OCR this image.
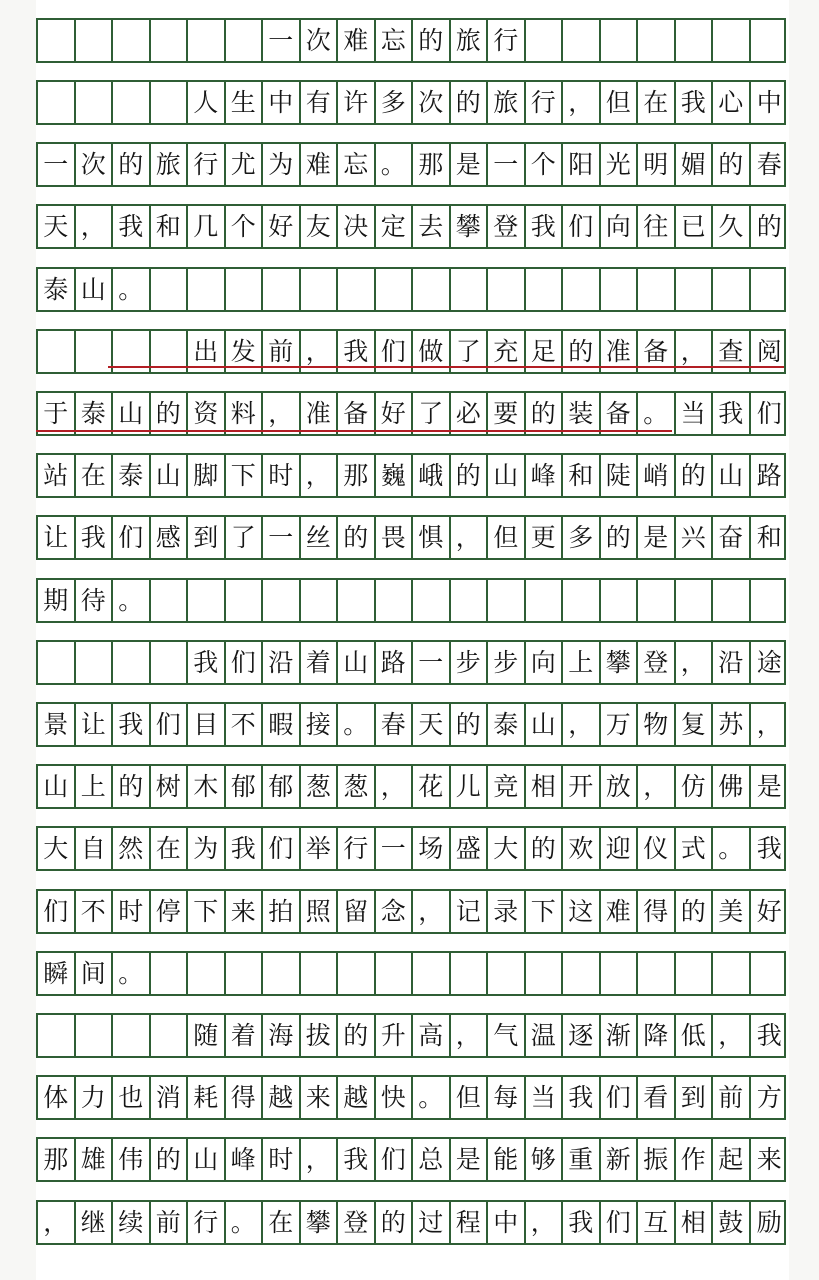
一 次 难 忘 的 旅 行
人 生 中 有 许 多 次 的 旅 行 ， 但 在 我 心 中
一 次 的 旅 行 尤 为 难 忘 。 那 是 一 个 阳 光 明 媚 的 春
天 ， 我 和 几 个 好 友 决 定 去 攀 登 我 们 向 往 已 久 的
泰 山 。
出 发 前 ， 我 们 做 了 充 足 的 准 备 ， 查 阅
于 泰 山 的 资 料 ， 准 备 好 了 必 要 的 装 备 。 当 我 们
站 在 泰 山 脚 下 时 ， 那 巍 峨 的 山 峰 和 陡 峭 的 山 路
让 我 们 感 到 了 一 丝 的 畏 惧 ， 但 更 多 的 是 兴 奋 和
期 待 。
我 们 沿 着 山 路 一 步 步 向 上 攀 登 ， 沿 途
景 让 我 们 目 不 暇 接 。 春 天 的 泰 山 ， 万 物 复 苏 ，
山 上 的 树 木 郁 郁 葱 葱 ， 花 儿 竞 相 开 放 ， 仿 佛 是
大 自 然 在 为 我 们 举 行 一 场 盛 大 的 欢 迎 仪 式 。 我
们 不 时 停 下 来 拍 照 留 念 ， 记 录 下 这 难 得 的 美 好
瞬 间 。
随 着 海 拔 的 升 高 ， 气 温 逐 渐 降 低 ， 我
体 力 也 消 耗 得 越 来 越 快 。 但 每 当 我 们 看 到 前 方
那 雄 伟 的 山 峰 时 ， 我 们 总 是 能 够 重 新 振 作 起 来
， 继 续 前 行 。 在 攀 登 的 过 程 中 ， 我 们 互 相 鼓 励
